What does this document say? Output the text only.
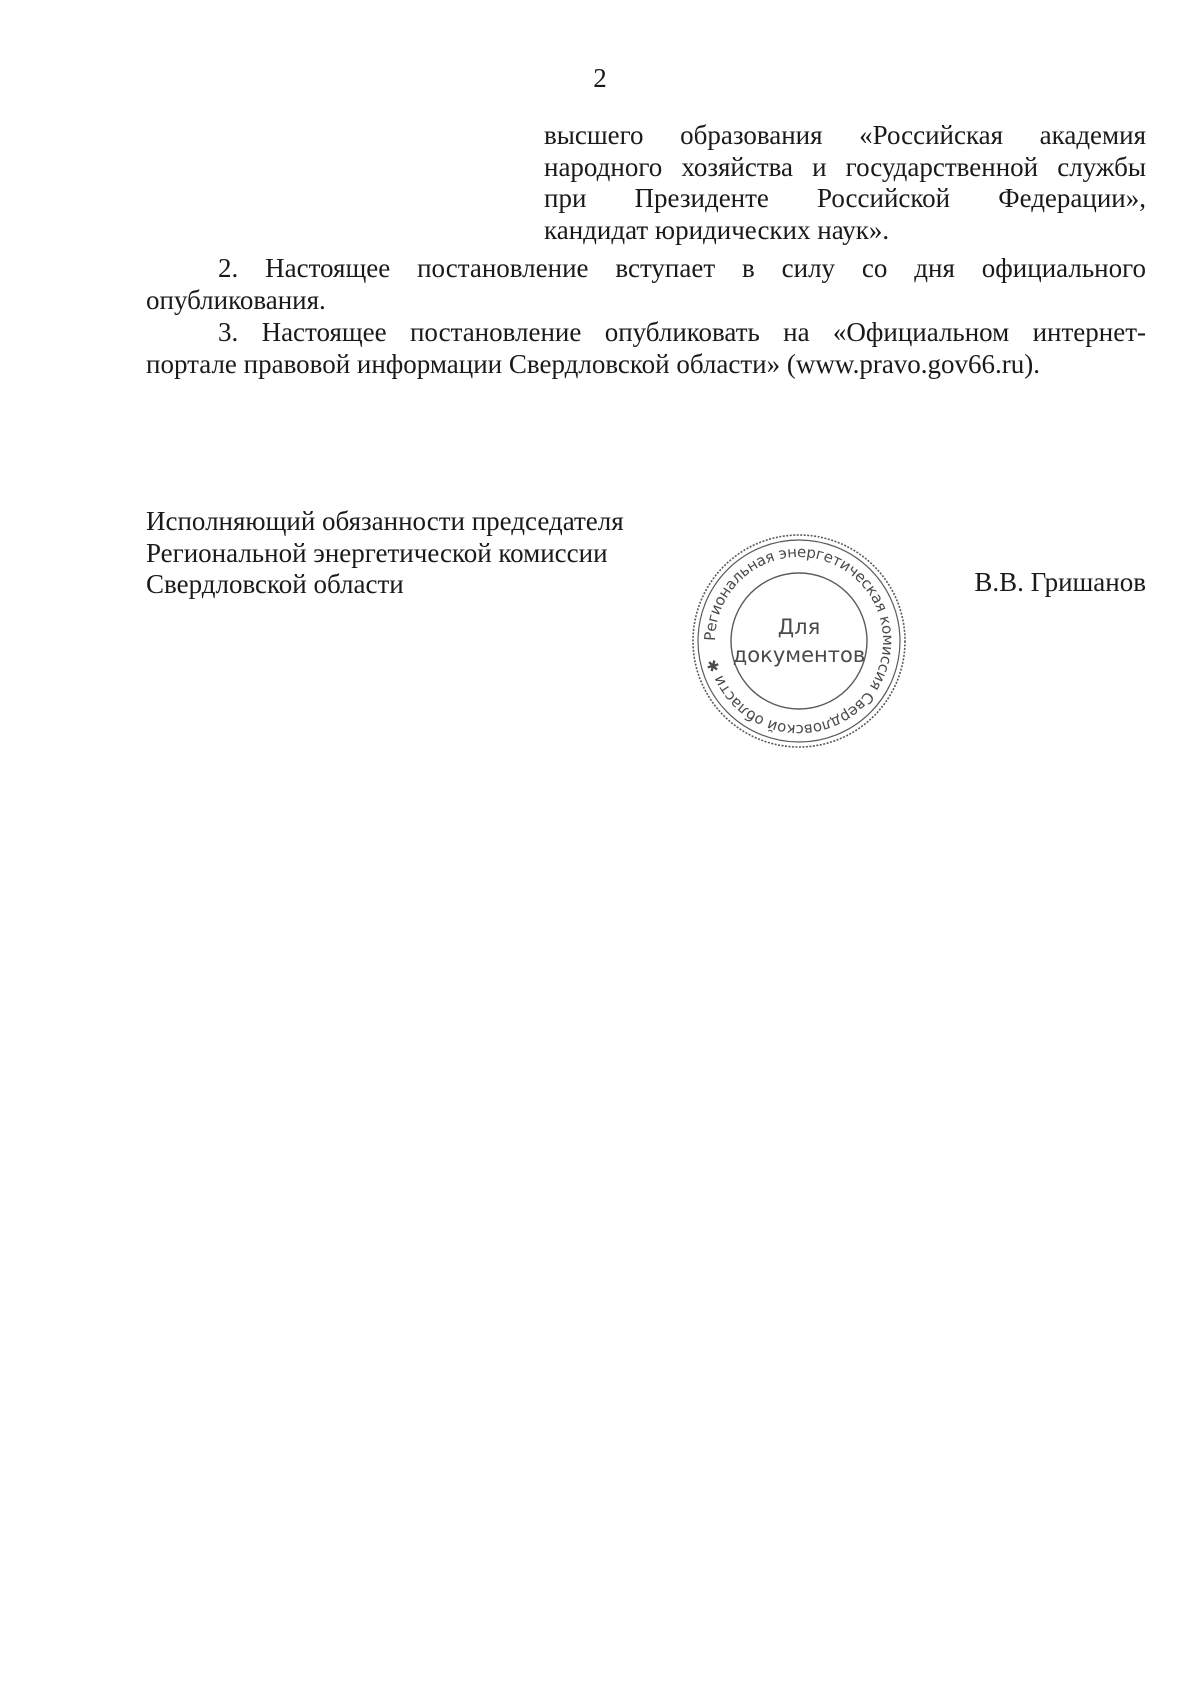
2
высшего образования «Российская академия
народного хозяйства и государственной службы
при Президенте Российской Федерации»,
кандидат юридических наук».
2. Настоящее постановление вступает в силу со дня официального
опубликования.
3. Настоящее постановление опубликовать на «Официальном интернет-
портале правовой информации Свердловской области» (www.pravo.gov66.ru).
Исполняющий обязанности председателя
Региональной энергетической комиссии
Свердловской области
Региональная энергетическая комиссия Свердловской области ✱
Для
документов
В.В. Гришанов
